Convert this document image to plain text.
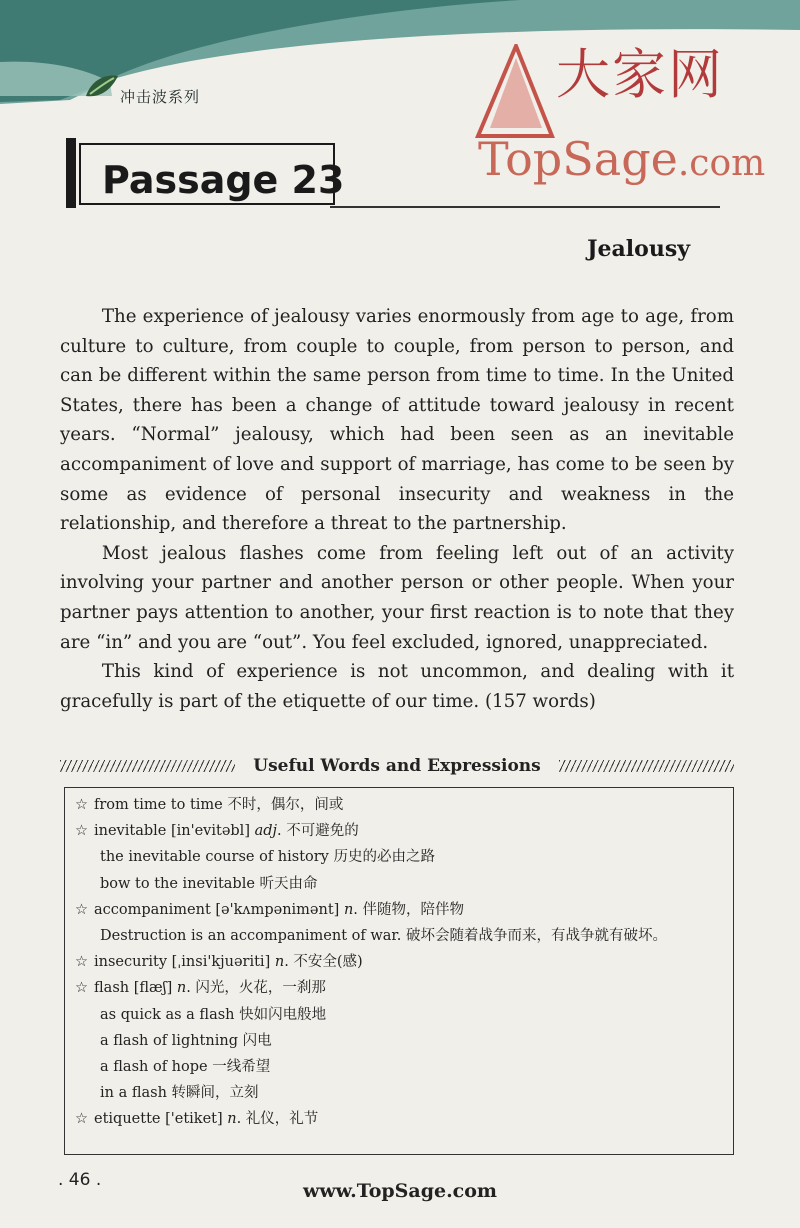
冲击波系列	大家网
TopSage.com
Passage 23
Jealousy

The experience of jealousy varies enormously from age to age, from culture to culture, from couple to couple, from person to person, and can be different within the same person from time to time. In the United States, there has been a change of attitude toward jealousy in recent years. “Normal” jealousy, which had been seen as an inevitable accompaniment of love and support of marriage, has come to be seen by some as evidence of personal insecurity and weakness in the relationship, and therefore a threat to the partnership.

Most jealous flashes come from feeling left out of an activity involving your partner and another person or other people. When your partner pays attention to another, your first reaction is to note that they are “in” and you are “out”. You feel excluded, ignored, unappreciated.

This kind of experience is not uncommon, and dealing with it gracefully is part of the etiquette of our time. (157 words)

Useful Words and Expressions
☆ from time to time 不时，偶尔，间或
☆ inevitable [in'evitəbl] adj. 不可避免的
the inevitable course of history 历史的必由之路
bow to the inevitable 听天由命
☆ accompaniment [ə'kʌmpənimənt] n. 伴随物，陪伴物
Destruction is an accompaniment of war. 破坏会随着战争而来，有战争就有破坏。
☆ insecurity [ˌinsi'kjuəriti] n. 不安全(感)
☆ flash [flæʃ] n. 闪光，火花，一刹那
as quick as a flash 快如闪电般地
a flash of lightning 闪电
a flash of hope 一线希望
in a flash 转瞬间，立刻
☆ etiquette ['etiket] n. 礼仪，礼节
. 46 .	www.TopSage.com
